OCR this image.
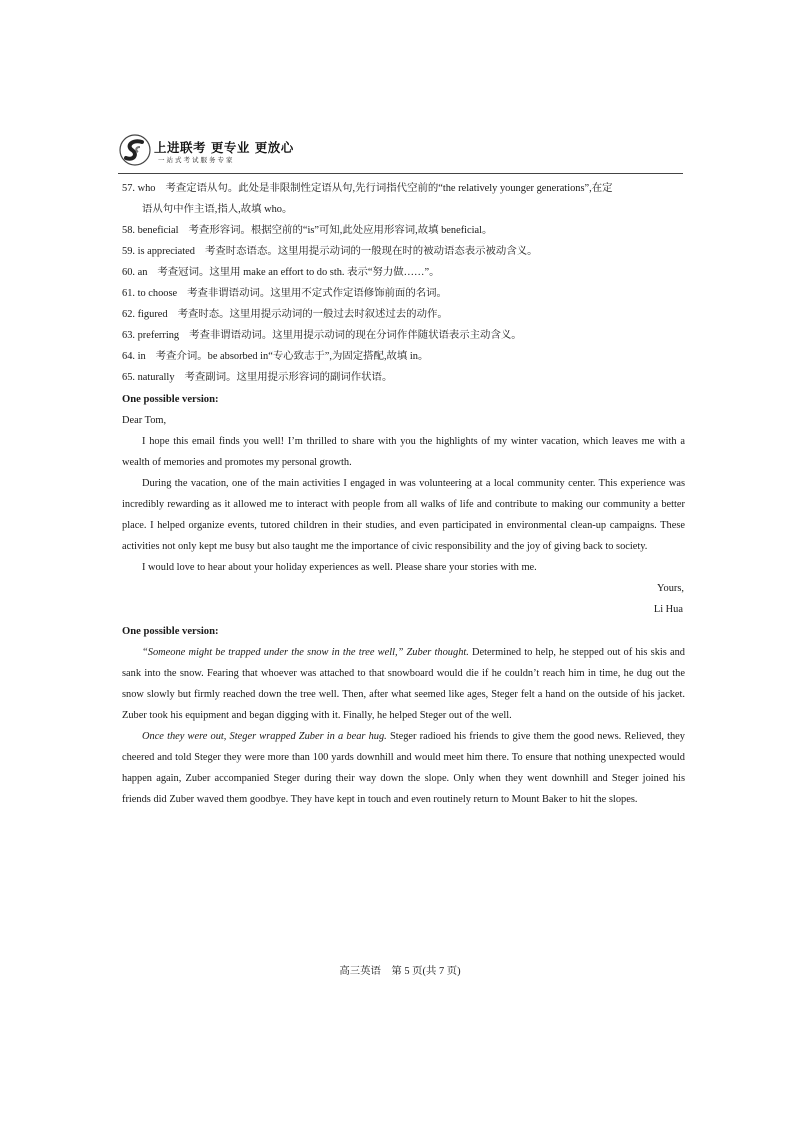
上进联考 更专业 更放心
一站式考试服务专家
57. who 考查定语从句。此处是非限制性定语从句,先行词指代空前的“the relatively younger generations”,在定
语从句中作主语,指人,故填 who。
58. beneficial 考查形容词。根据空前的“is”可知,此处应用形容词,故填 beneficial。
59. is appreciated 考查时态语态。这里用提示动词的一般现在时的被动语态表示被动含义。
60. an 考查冠词。这里用 make an effort to do sth. 表示“努力做……”。
61. to choose 考查非谓语动词。这里用不定式作定语修饰前面的名词。
62. figured 考查时态。这里用提示动词的一般过去时叙述过去的动作。
63. preferring 考查非谓语动词。这里用提示动词的现在分词作伴随状语表示主动含义。
64. in 考查介词。be absorbed in“专心致志于”,为固定搭配,故填 in。
65. naturally 考查副词。这里用提示形容词的副词作状语。
One possible version:
Dear Tom,
I hope this email finds you well! I’m thrilled to share with you the highlights of my winter vacation, which leaves me with a wealth of memories and promotes my personal growth.
During the vacation, one of the main activities I engaged in was volunteering at a local community center. This experience was incredibly rewarding as it allowed me to interact with people from all walks of life and contribute to making our community a better place. I helped organize events, tutored children in their studies, and even participated in environmental clean-up campaigns. These activities not only kept me busy but also taught me the importance of civic responsibility and the joy of giving back to society.
I would love to hear about your holiday experiences as well. Please share your stories with me.
Yours,
Li Hua
One possible version:
“Someone might be trapped under the snow in the tree well,” Zuber thought. Determined to help, he stepped out of his skis and sank into the snow. Fearing that whoever was attached to that snowboard would die if he couldn’t reach him in time, he dug out the snow slowly but firmly reached down the tree well. Then, after what seemed like ages, Steger felt a hand on the outside of his jacket. Zuber took his equipment and began digging with it. Finally, he helped Steger out of the well.
Once they were out, Steger wrapped Zuber in a bear hug. Steger radioed his friends to give them the good news. Relieved, they cheered and told Steger they were more than 100 yards downhill and would meet him there. To ensure that nothing unexpected would happen again, Zuber accompanied Steger during their way down the slope. Only when they went downhill and Steger joined his friends did Zuber waved them goodbye. They have kept in touch and even routinely return to Mount Baker to hit the slopes.
高三英语　第 5 页(共 7 页)
